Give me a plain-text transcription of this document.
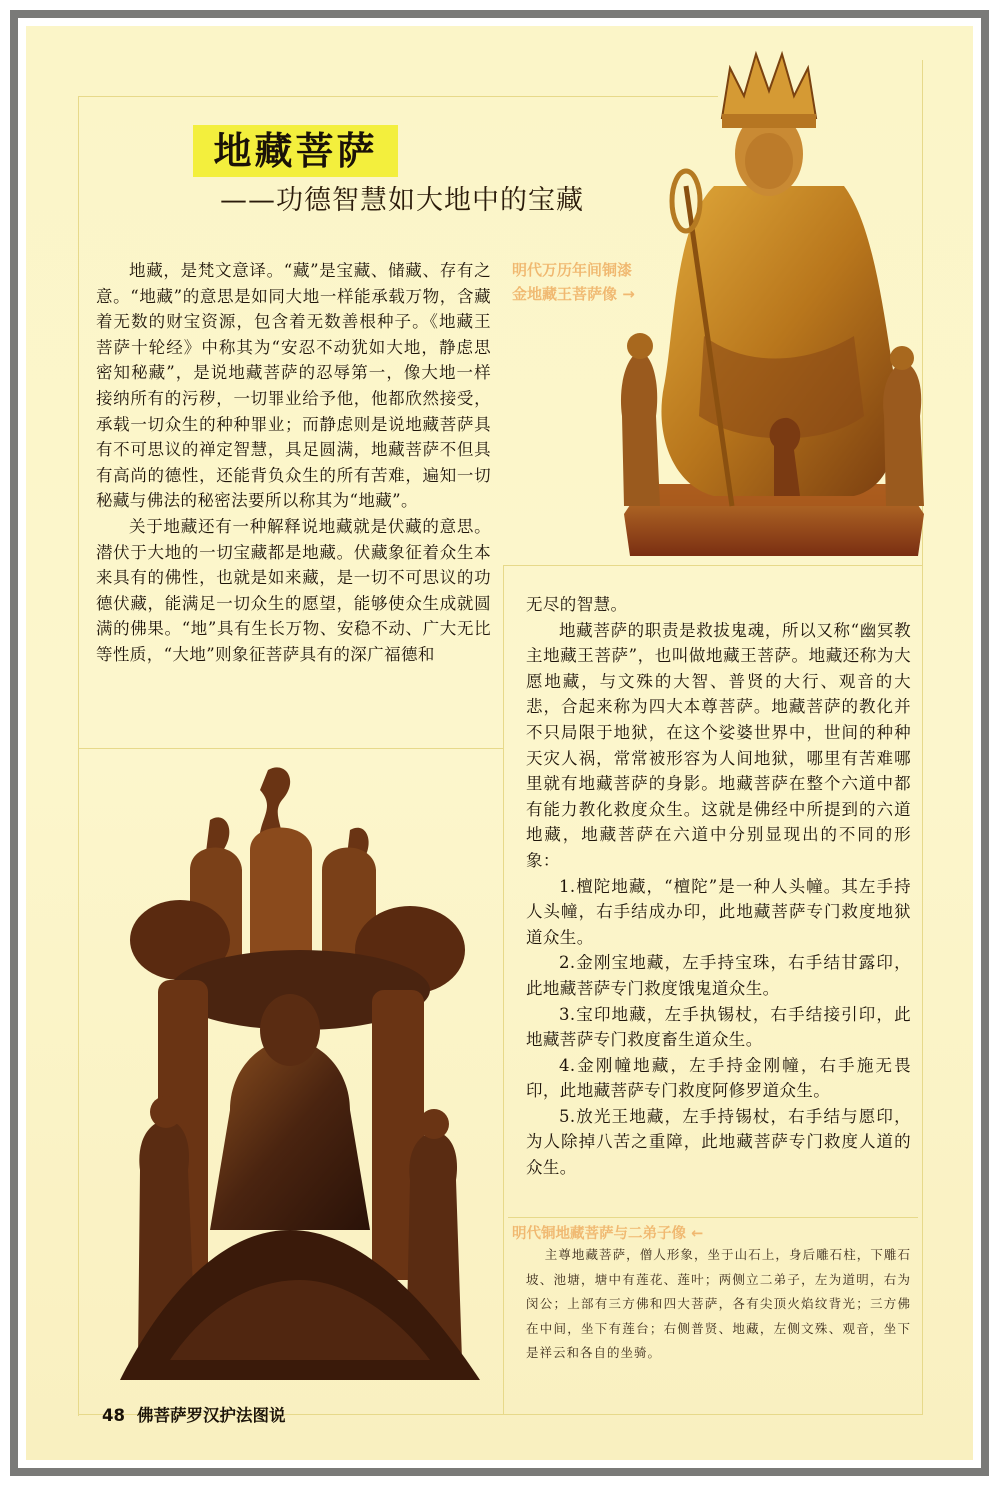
地藏菩萨
——功德智慧如大地中的宝藏
明代万历年间铜漆
金地藏王菩萨像 →

地藏，是梵文意译。“藏”是宝藏、储藏、存有之意。“地藏”的意思是如同大地一样能承载万物，含藏着无数的财宝资源，包含着无数善根种子。《地藏王菩萨十轮经》中称其为“安忍不动犹如大地，静虑思密知秘藏”，是说地藏菩萨的忍辱第一，像大地一样接纳所有的污秽，一切罪业给予他，他都欣然接受，承载一切众生的种种罪业；而静虑则是说地藏菩萨具有不可思议的禅定智慧，具足圆满，地藏菩萨不但具有高尚的德性，还能背负众生的所有苦难，遍知一切秘藏与佛法的秘密法要所以称其为“地藏”。

关于地藏还有一种解释说地藏就是伏藏的意思。潜伏于大地的一切宝藏都是地藏。伏藏象征着众生本来具有的佛性，也就是如来藏，是一切不可思议的功德伏藏，能满足一切众生的愿望，能够使众生成就圆满的佛果。“地”具有生长万物、安稳不动、广大无比等性质，“大地”则象征菩萨具有的深广福德和

无尽的智慧。

地藏菩萨的职责是救拔鬼魂，所以又称“幽冥教主地藏王菩萨”，也叫做地藏王菩萨。地藏还称为大愿地藏，与文殊的大智、普贤的大行、观音的大悲，合起来称为四大本尊菩萨。地藏菩萨的教化并不只局限于地狱，在这个娑婆世界中，世间的种种天灾人祸，常常被形容为人间地狱，哪里有苦难哪里就有地藏菩萨的身影。地藏菩萨在整个六道中都有能力教化救度众生。这就是佛经中所提到的六道地藏，地藏菩萨在六道中分别显现出的不同的形象：

1.檀陀地藏，“檀陀”是一种人头幢。其左手持人头幢，右手结成办印，此地藏菩萨专门救度地狱道众生。

2.金刚宝地藏，左手持宝珠，右手结甘露印，此地藏菩萨专门救度饿鬼道众生。

3.宝印地藏，左手执锡杖，右手结接引印，此地藏菩萨专门救度畜生道众生。

4.金刚幢地藏，左手持金刚幢，右手施无畏印，此地藏菩萨专门救度阿修罗道众生。

5.放光王地藏，左手持锡杖，右手结与愿印，为人除掉八苦之重障，此地藏菩萨专门救度人道的众生。

明代铜地藏菩萨与二弟子像 ←
主尊地藏菩萨，僧人形象，坐于山石上，身后雕石柱，下雕石坡、池塘，塘中有莲花、莲叶；两侧立二弟子，左为道明，右为闵公；上部有三方佛和四大菩萨，各有尖顶火焰纹背光；三方佛在中间，坐下有莲台；右侧普贤、地藏，左侧文殊、观音，坐下是祥云和各自的坐骑。
48 佛菩萨罗汉护法图说
